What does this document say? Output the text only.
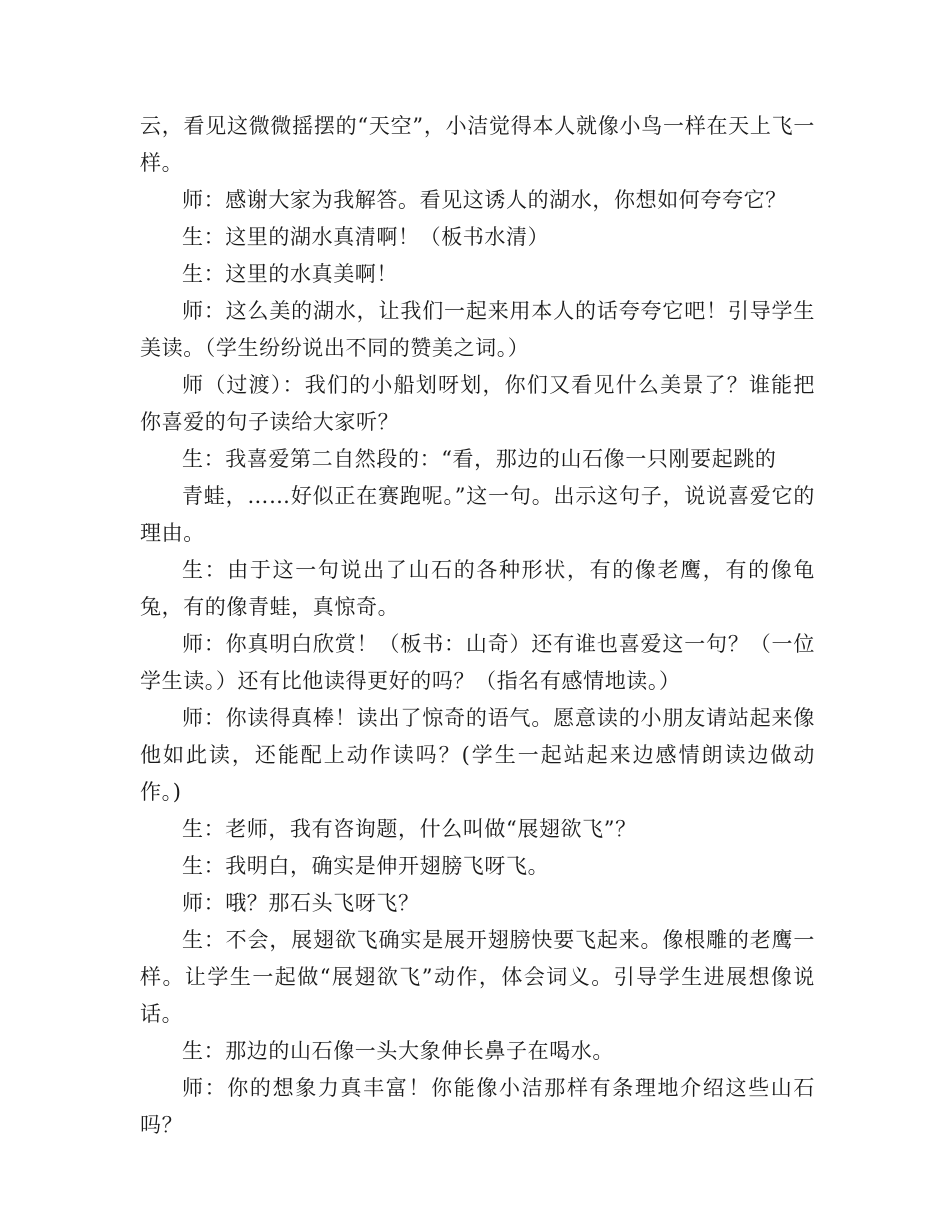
云，看见这微微摇摆的“天空”，小洁觉得本人就像小鸟一样在天上飞一样。

师：感谢大家为我解答。看见这诱人的湖水，你想如何夸夸它？

生：这里的湖水真清啊！（板书水清）

生：这里的水真美啊！

师：这么美的湖水，让我们一起来用本人的话夸夸它吧！引导学生美读。（学生纷纷说出不同的赞美之词。）

师（过渡）：我们的小船划呀划，你们又看见什么美景了？谁能把你喜爱的句子读给大家听？

生：我喜爱第二自然段的：“看，那边的山石像一只刚要起跳的

青蛙，……好似正在赛跑呢。”这一句。出示这句子，说说喜爱它的理由。

生：由于这一句说出了山石的各种形状，有的像老鹰，有的像龟兔，有的像青蛙，真惊奇。

师：你真明白欣赏！（板书：山奇）还有谁也喜爱这一句？（一位学生读。）还有比他读得更好的吗？（指名有感情地读。）

师：你读得真棒！读出了惊奇的语气。愿意读的小朋友请站起来像他如此读，还能配上动作读吗？(学生一起站起来边感情朗读边做动作。)

生：老师，我有咨询题，什么叫做“展翅欲飞”？

生：我明白，确实是伸开翅膀飞呀飞。

师：哦？那石头飞呀飞？

生：不会，展翅欲飞确实是展开翅膀快要飞起来。像根雕的老鹰一样。让学生一起做“展翅欲飞”动作，体会词义。引导学生进展想像说话。

生：那边的山石像一头大象伸长鼻子在喝水。

师：你的想象力真丰富！你能像小洁那样有条理地介绍这些山石吗？
